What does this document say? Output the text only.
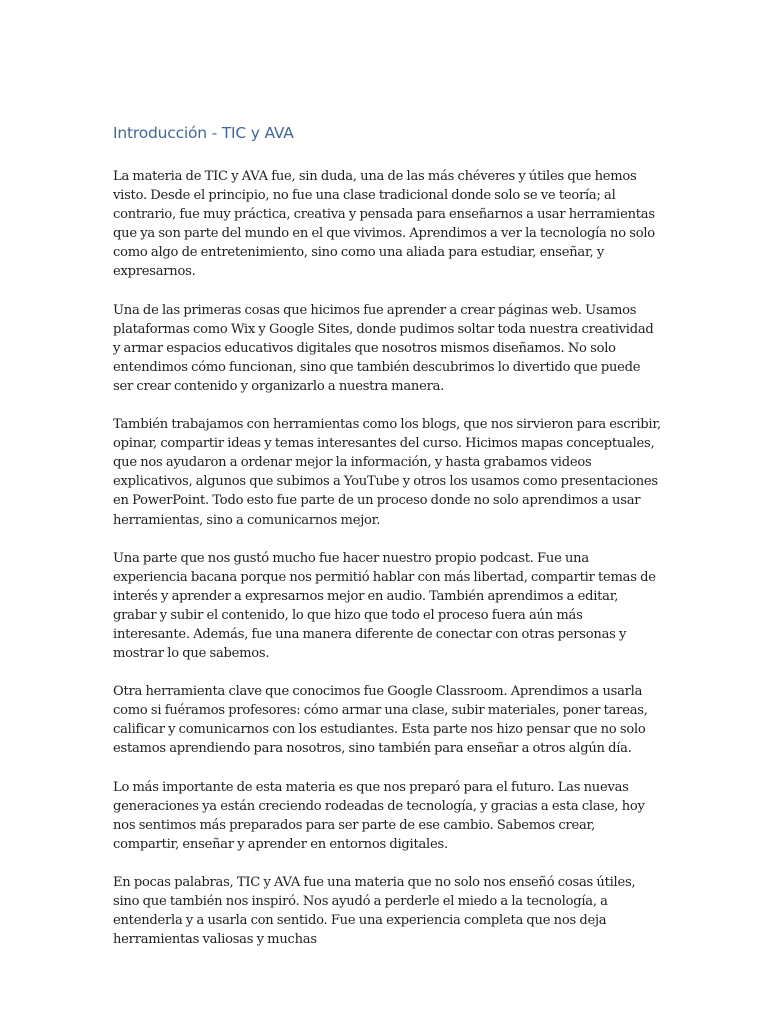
Introducción - TIC y AVA

La materia de TIC y AVA fue, sin duda, una de las más chéveres y útiles que hemos visto. Desde el principio, no fue una clase tradicional donde solo se ve teoría; al contrario, fue muy práctica, creativa y pensada para enseñarnos a usar herramientas que ya son parte del mundo en el que vivimos. Aprendimos a ver la tecnología no solo como algo de entretenimiento, sino como una aliada para estudiar, enseñar, y expresarnos.

Una de las primeras cosas que hicimos fue aprender a crear páginas web. Usamos plataformas como Wix y Google Sites, donde pudimos soltar toda nuestra creatividad y armar espacios educativos digitales que nosotros mismos diseñamos. No solo entendimos cómo funcionan, sino que también descubrimos lo divertido que puede ser crear contenido y organizarlo a nuestra manera.

También trabajamos con herramientas como los blogs, que nos sirvieron para escribir, opinar, compartir ideas y temas interesantes del curso. Hicimos mapas conceptuales, que nos ayudaron a ordenar mejor la información, y hasta grabamos videos explicativos, algunos que subimos a YouTube y otros los usamos como presentaciones en PowerPoint. Todo esto fue parte de un proceso donde no solo aprendimos a usar herramientas, sino a comunicarnos mejor.

Una parte que nos gustó mucho fue hacer nuestro propio podcast. Fue una experiencia bacana porque nos permitió hablar con más libertad, compartir temas de interés y aprender a expresarnos mejor en audio. También aprendimos a editar, grabar y subir el contenido, lo que hizo que todo el proceso fuera aún más interesante. Además, fue una manera diferente de conectar con otras personas y mostrar lo que sabemos.

Otra herramienta clave que conocimos fue Google Classroom. Aprendimos a usarla como si fuéramos profesores: cómo armar una clase, subir materiales, poner tareas, calificar y comunicarnos con los estudiantes. Esta parte nos hizo pensar que no solo estamos aprendiendo para nosotros, sino también para enseñar a otros algún día.

Lo más importante de esta materia es que nos preparó para el futuro. Las nuevas generaciones ya están creciendo rodeadas de tecnología, y gracias a esta clase, hoy nos sentimos más preparados para ser parte de ese cambio. Sabemos crear, compartir, enseñar y aprender en entornos digitales.

En pocas palabras, TIC y AVA fue una materia que no solo nos enseñó cosas útiles, sino que también nos inspiró. Nos ayudó a perderle el miedo a la tecnología, a entenderla y a usarla con sentido. Fue una experiencia completa que nos deja herramientas valiosas y muchas
